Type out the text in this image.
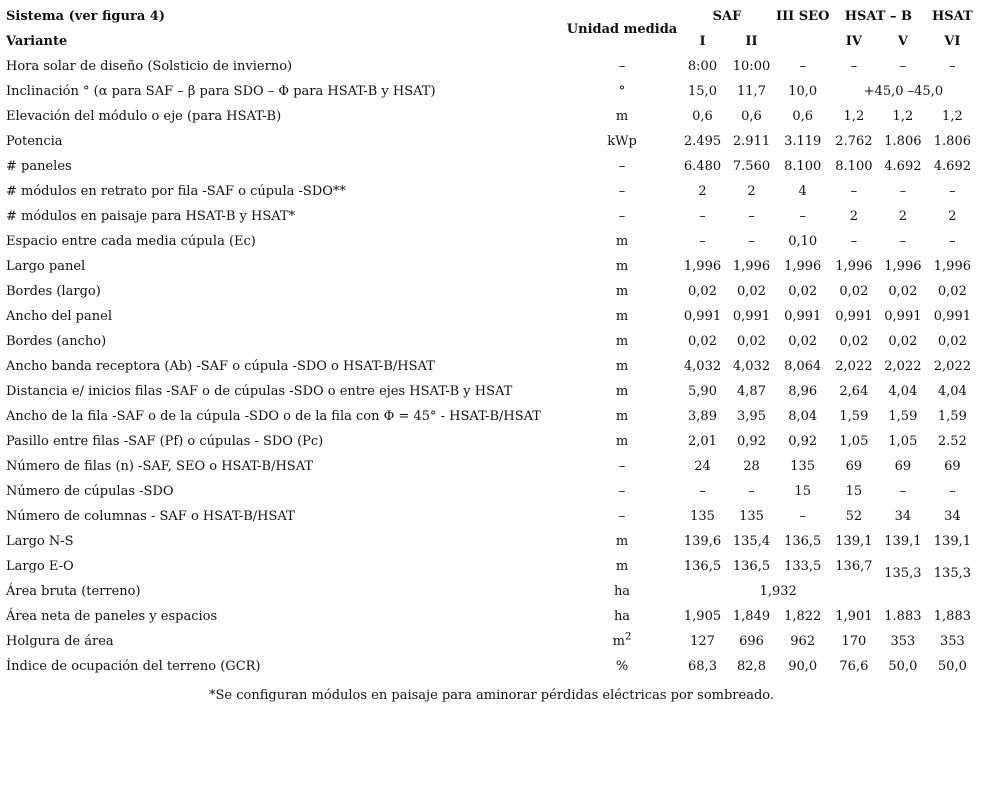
Sistema (ver figura 4)	Unidad medida	SAF		III SEO	HSAT – B		HSAT
Variante		I	II		IV	V	VI
Hora solar de diseño (Solsticio de invierno)	–	8:00	10:00	–	–	–	–
Inclinación ° (α para SAF – β para SDO – Φ para HSAT-B y HSAT)	°	15,0	11,7	10,0	+45,0 –45,0		
Elevación del módulo o eje (para HSAT-B)	m	0,6	0,6	0,6	1,2	1,2	1,2
Potencia	kWp	2.495	2.911	3.119	2.762	1.806	1.806
# paneles	–	6.480	7.560	8.100	8.100	4.692	4.692
# módulos en retrato por fila -SAF o cúpula -SDO**	–	2	2	4	–	–	–
# módulos en paisaje para HSAT-B y HSAT*	–	–	–	–	2	2	2
Espacio entre cada media cúpula (Ec)	m	–	–	0,10	–	–	–
Largo panel	m	1,996	1,996	1,996	1,996	1,996	1,996
Bordes (largo)	m	0,02	0,02	0,02	0,02	0,02	0,02
Ancho del panel	m	0,991	0,991	0,991	0,991	0,991	0,991
Bordes (ancho)	m	0,02	0,02	0,02	0,02	0,02	0,02
Ancho banda receptora (Ab) -SAF o cúpula -SDO o HSAT-B/HSAT	m	4,032	4,032	8,064	2,022	2,022	2,022
Distancia e/ inicios filas -SAF o de cúpulas -SDO o entre ejes HSAT-B y HSAT	m	5,90	4,87	8,96	2,64	4,04	4,04
Ancho de la fila -SAF o de la cúpula -SDO o de la fila con Φ = 45° - HSAT-B/HSAT	m	3,89	3,95	8,04	1,59	1,59	1,59
Pasillo entre filas -SAF (Pf) o cúpulas - SDO (Pc)	m	2,01	0,92	0,92	1,05	1,05	2.52
Número de filas (n) -SAF, SEO o HSAT-B/HSAT	–	24	28	135	69	69	69
Número de cúpulas -SDO	–	–	–	15	15	–	–
Número de columnas - SAF o HSAT-B/HSAT	–	135	135	–	52	34	34
Largo N-S	m	139,6	135,4	136,5	139,1	139,1	139,1
Largo E-O	m	136,5	136,5	133,5	136,7	135,3	135,3
Área bruta (terreno)	ha	1,932					
Área neta de paneles y espacios	ha	1,905	1,849	1,822	1,901	1.883	1,883
Holgura de área	$m^2$	127	696	962	170	353	353
Índice de ocupación del terreno (GCR)	%	68,3	82,8	90,0	76,6	50,0	50,0
*Se configuran módulos en paisaje para aminorar pérdidas eléctricas por sombreado.
